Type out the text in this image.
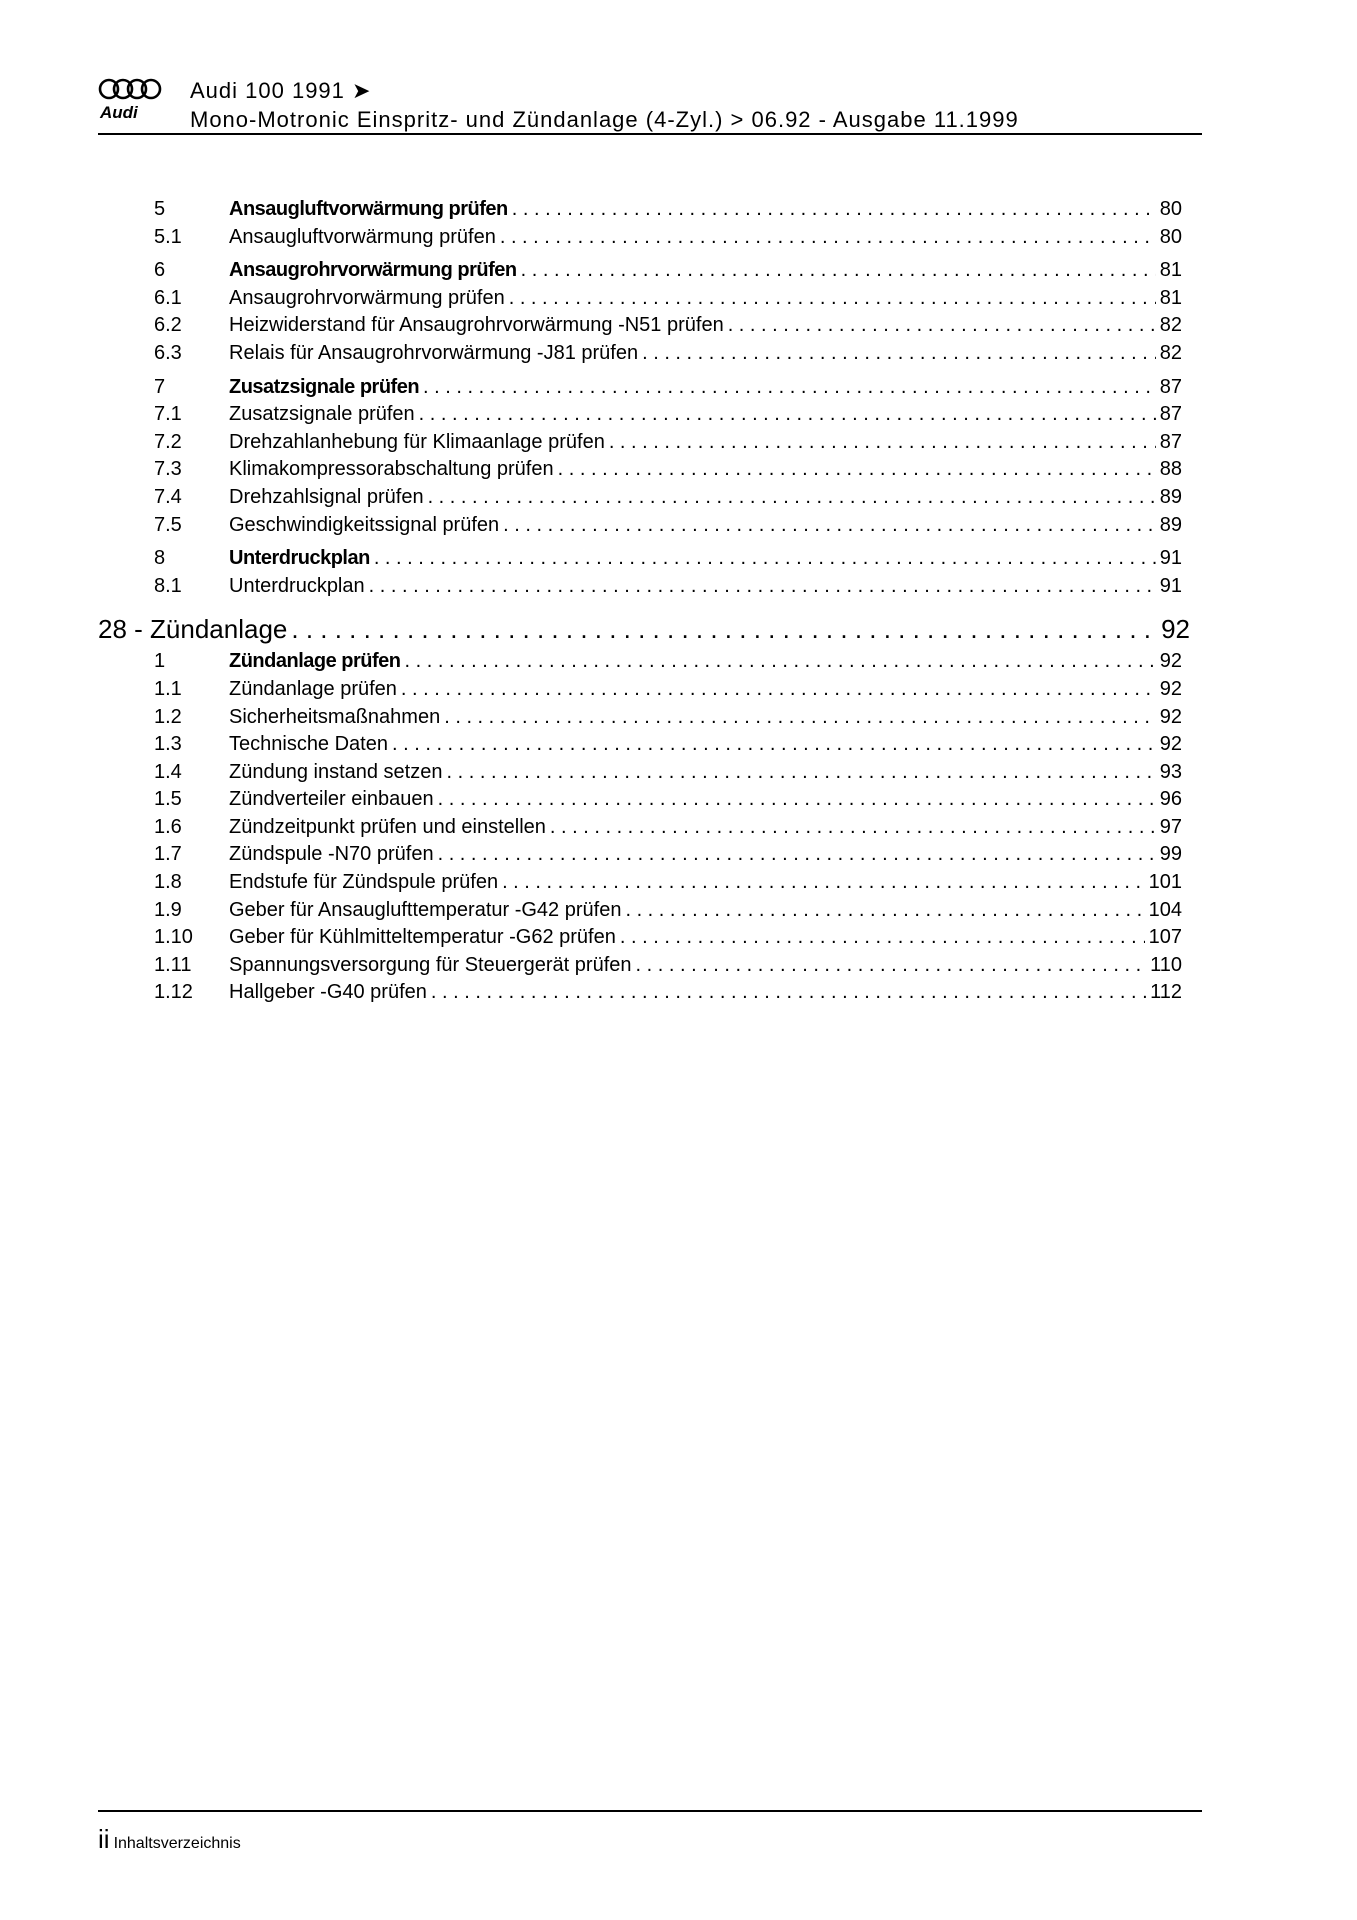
Audi
Audi 100 1991 ➤
Mono-Motronic Einspritz- und Zündanlage (4-Zyl.) > 06.92 - Ausgabe 11.1999
5	Ansaugluftvorwärmung prüfen . . .	80
5.1	Ansaugluftvorwärmung prüfen . . .	80
6	Ansaugrohrvorwärmung prüfen . . .	81
6.1	Ansaugrohrvorwärmung prüfen . . .	81
6.2	Heizwiderstand für Ansaugrohrvorwärmung -N51 prüfen . . .	82
6.3	Relais für Ansaugrohrvorwärmung -J81 prüfen . . .	82
7	Zusatzsignale prüfen . . .	87
7.1	Zusatzsignale prüfen . . .	87
7.2	Drehzahlanhebung für Klimaanlage prüfen . . .	87
7.3	Klimakompressorabschaltung prüfen . . .	88
7.4	Drehzahlsignal prüfen . . .	89
7.5	Geschwindigkeitssignal prüfen . . .	89
8	Unterdruckplan . . .	91
8.1	Unterdruckplan . . .	91
28 - Zündanlage . . .	92
1	Zündanlage prüfen . . .	92
1.1	Zündanlage prüfen . . .	92
1.2	Sicherheitsmaßnahmen . . .	92
1.3	Technische Daten . . .	92
1.4	Zündung instand setzen . . .	93
1.5	Zündverteiler einbauen . . .	96
1.6	Zündzeitpunkt prüfen und einstellen . . .	97
1.7	Zündspule -N70 prüfen . . .	99
1.8	Endstufe für Zündspule prüfen . . .	101
1.9	Geber für Ansauglufttemperatur -G42 prüfen . . .	104
1.10	Geber für Kühlmitteltemperatur -G62 prüfen . . .	107
1.11	Spannungsversorgung für Steuergerät prüfen . . .	110
1.12	Hallgeber -G40 prüfen . . .	112
ii Inhaltsverzeichnis
